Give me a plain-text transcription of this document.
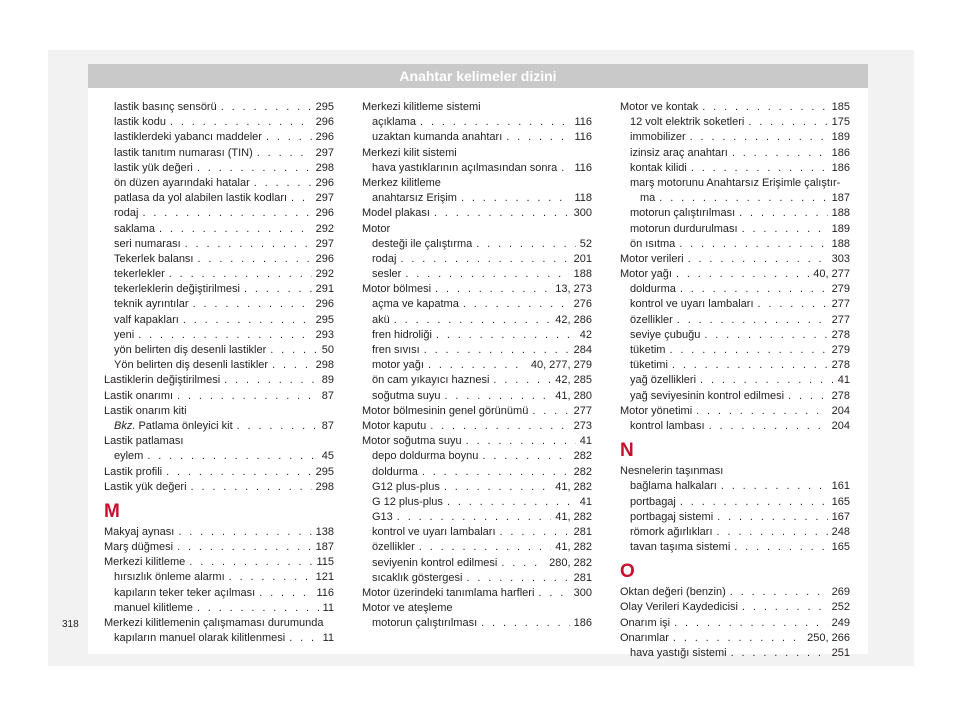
Anahtar kelimeler dizini
lastik basınç sensörü . . .	295
lastik kodu . . .	296
lastiklerdeki yabancı maddeler . . .	296
lastik tanıtım numarası (TIN) . . .	297
lastik yük değeri . . .	298
ön düzen ayarındaki hatalar . . .	296
patlasa da yol alabilen lastik kodları . . .	297
rodaj . . .	296
saklama . . .	292
seri numarası . . .	297
Tekerlek balansı . . .	296
tekerlekler . . .	292
tekerleklerin değiştirilmesi . . .	291
teknik ayrıntılar . . .	296
valf kapakları . . .	295
yeni . . .	293
yön belirten diş desenli lastikler . . .	50
Yön belirten diş desenli lastikler . . .	298
Lastiklerin değiştirilmesi . . .	89
Lastik onarımı . . .	87
Lastik onarım kiti
Bkz. Patlama önleyici kit . . .	87
Lastik patlaması
eylem . . .	45
Lastik profili . . .	295
Lastik yük değeri . . .	298
M
Makyaj aynası . . .	138
Marş düğmesi . . .	187
Merkezi kilitleme . . .	115
hırsızlık önleme alarmı . . .	121
kapıların teker teker açılması . . .	116
manuel kilitleme . . .	11
Merkezi kilitlemenin çalışmaması durumunda
kapıların manuel olarak kilitlenmesi . . .	11
Merkezi kilitleme sistemi
açıklama . . .	116
uzaktan kumanda anahtarı . . .	116
Merkezi kilit sistemi
hava yastıklarının açılmasından sonra . . . 116
Merkez kilitleme
anahtarsız Erişim . . .	118
Model plakası . . .	300
Motor
desteği ile çalıştırma . . .	52
rodaj . . .	201
sesler . . .	188
Motor bölmesi . . .	13, 273
açma ve kapatma . . .	276
akü . . .	42, 286
fren hidroliği . . .	42
fren sıvısı . . .	284
motor yağı . . .	40, 277, 279
ön cam yıkayıcı haznesi . . .	42, 285
soğutma suyu . . .	41, 280
Motor bölmesinin genel görünümü . . .	277
Motor kaputu . . .	273
Motor soğutma suyu . . .	41
depo doldurma boynu . . .	282
doldurma . . .	282
G12 plus-plus . . .	41, 282
G 12 plus-plus . . .	41
G13 . . .	41, 282
kontrol ve uyarı lambaları . . .	281
özellikler . . .	41, 282
seviyenin kontrol edilmesi . . .	280, 282
sıcaklık göstergesi . . .	281
Motor üzerindeki tanımlama harfleri . . .	300
Motor ve ateşleme
motorun çalıştırılması . . .	186
Motor ve kontak . . .	185
12 volt elektrik soketleri . . .	175
immobilizer . . .	189
izinsiz araç anahtarı . . .	186
kontak kilidi . . .	186
marş motorunu Anahtarsız Erişimle çalıştır-
ma . . .	187
motorun çalıştırılması . . .	188
motorun durdurulması . . .	189
ön ısıtma . . .	188
Motor verileri . . .	303
Motor yağı . . .	40, 277
doldurma . . .	279
kontrol ve uyarı lambaları . . .	277
özellikler . . .	277
seviye çubuğu . . .	278
tüketim . . .	279
tüketimi . . .	278
yağ özellikleri . . .	41
yağ seviyesinin kontrol edilmesi . . .	278
Motor yönetimi . . .	204
kontrol lambası . . .	204
N
Nesnelerin taşınması
bağlama halkaları . . .	161
portbagaj . . .	165
portbagaj sistemi . . .	167
römork ağırlıkları . . .	248
tavan taşıma sistemi . . .	165
O
Oktan değeri (benzin) . . .	269
Olay Verileri Kaydedicisi . . .	252
Onarım işi . . .	249
Onarımlar . . .	250, 266
hava yastığı sistemi . . .	251
318
